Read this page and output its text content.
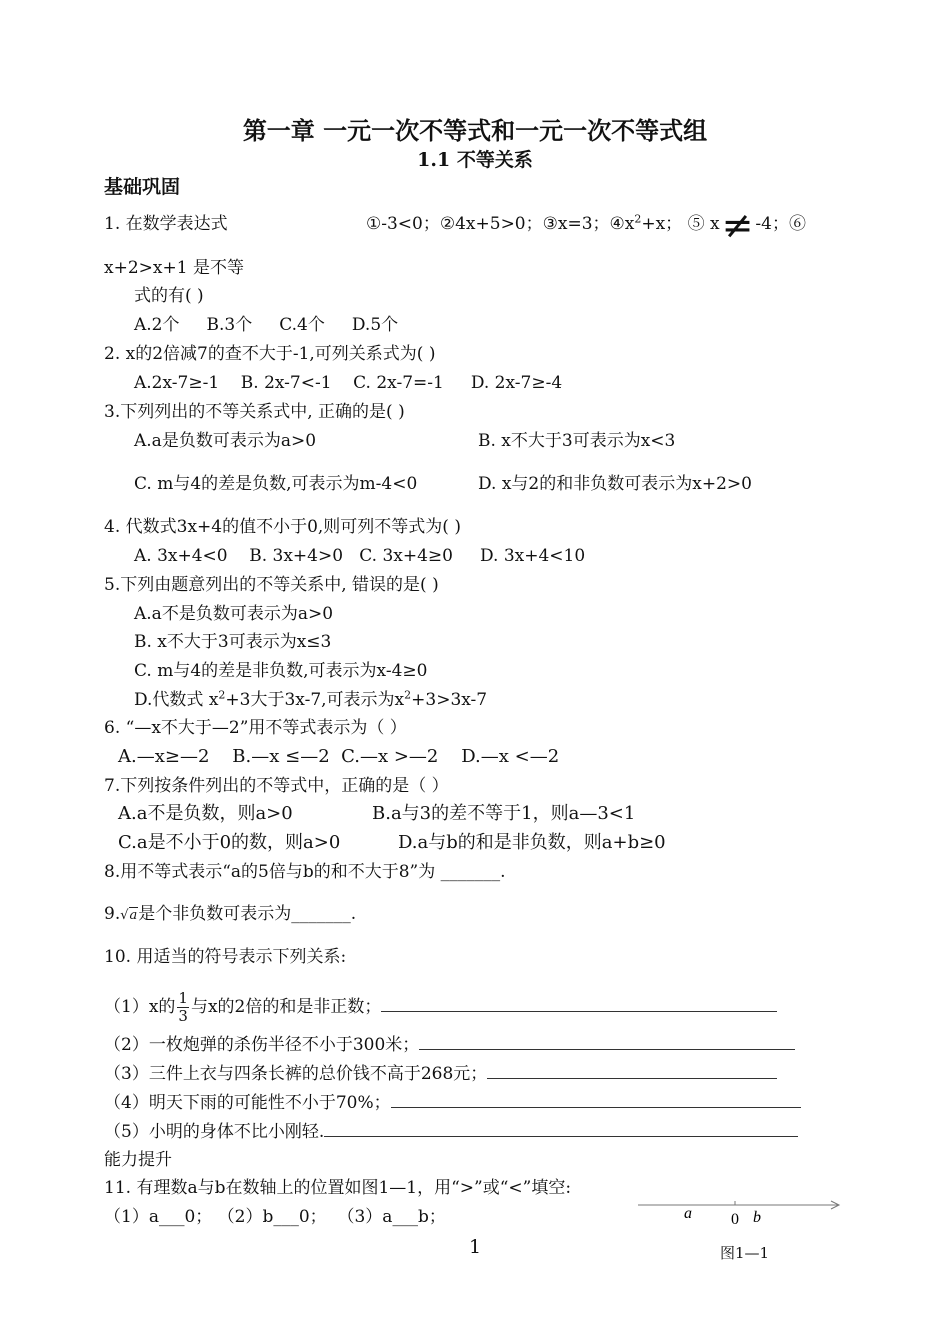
第一章 一元一次不等式和一元一次不等式组
1.1 不等关系
基础巩固
1. 在数学表达式	①-3<0；②4x+5>0；③x=3；$④x^2+x$； ⑤ x≠ -4；⑥
x+2>x+1 是不等
式的有( )
A.2个     B.3个     C.4个     D.5个
2. x的2倍减7的查不大于-1,可列关系式为( )
A.2x-7≥-1    B. 2x-7<-1    C. 2x-7=-1     D. 2x-7≥-4
3.下列列出的不等关系式中, 正确的是( )
A.a是负数可表示为a>0	B. x不大于3可表示为x<3
C. m与4的差是负数,可表示为m-4<0	D. x与2的和非负数可表示为x+2>0
4. 代数式3x+4的值不小于0,则可列不等式为( )
A. 3x+4<0    B. 3x+4>0   C. 3x+4≥0     D. 3x+4<10
5.下列由题意列出的不等关系中, 错误的是( )
A.a不是负数可表示为a>0
B. x不大于3可表示为x≤3
C. m与4的差是非负数,可表示为x-4≥0
D.代数式 $x^2+3$大于3x-7,可表示为$x^2+3>3x-7$
6. “—x不大于—2”用不等式表示为（ ）
A.—x≥—2    B.—x ≤—2  C.—x >—2    D.—x <—2
7.下列按条件列出的不等式中，正确的是（ ）
A.a不是负数，则a>0	B.a与3的差不等于1，则a—3<1
C.a是不小于0的数，则a>0	D.a与b的和是非负数，则a+b≥0
8.用不等式表示“a的5倍与b的和不大于8”为 _______.
9.√a是个非负数可表示为_______.
10. 用适当的符号表示下列关系:
（1）x的 $\frac{1}{3}$ 与x的2倍的和是非正数；
（2）一枚炮弹的杀伤半径不小于300米；
（3）三件上衣与四条长裤的总价钱不高于268元；
（4）明天下雨的可能性不小于70%；
（5）小明的身体不比小刚轻.
能力提升
11. 有理数a与b在数轴上的位置如图1—1，用“>”或“<”填空:
（1）a___0； （2）b___0；  （3）a___b；	a 0 b
1	图1—1
